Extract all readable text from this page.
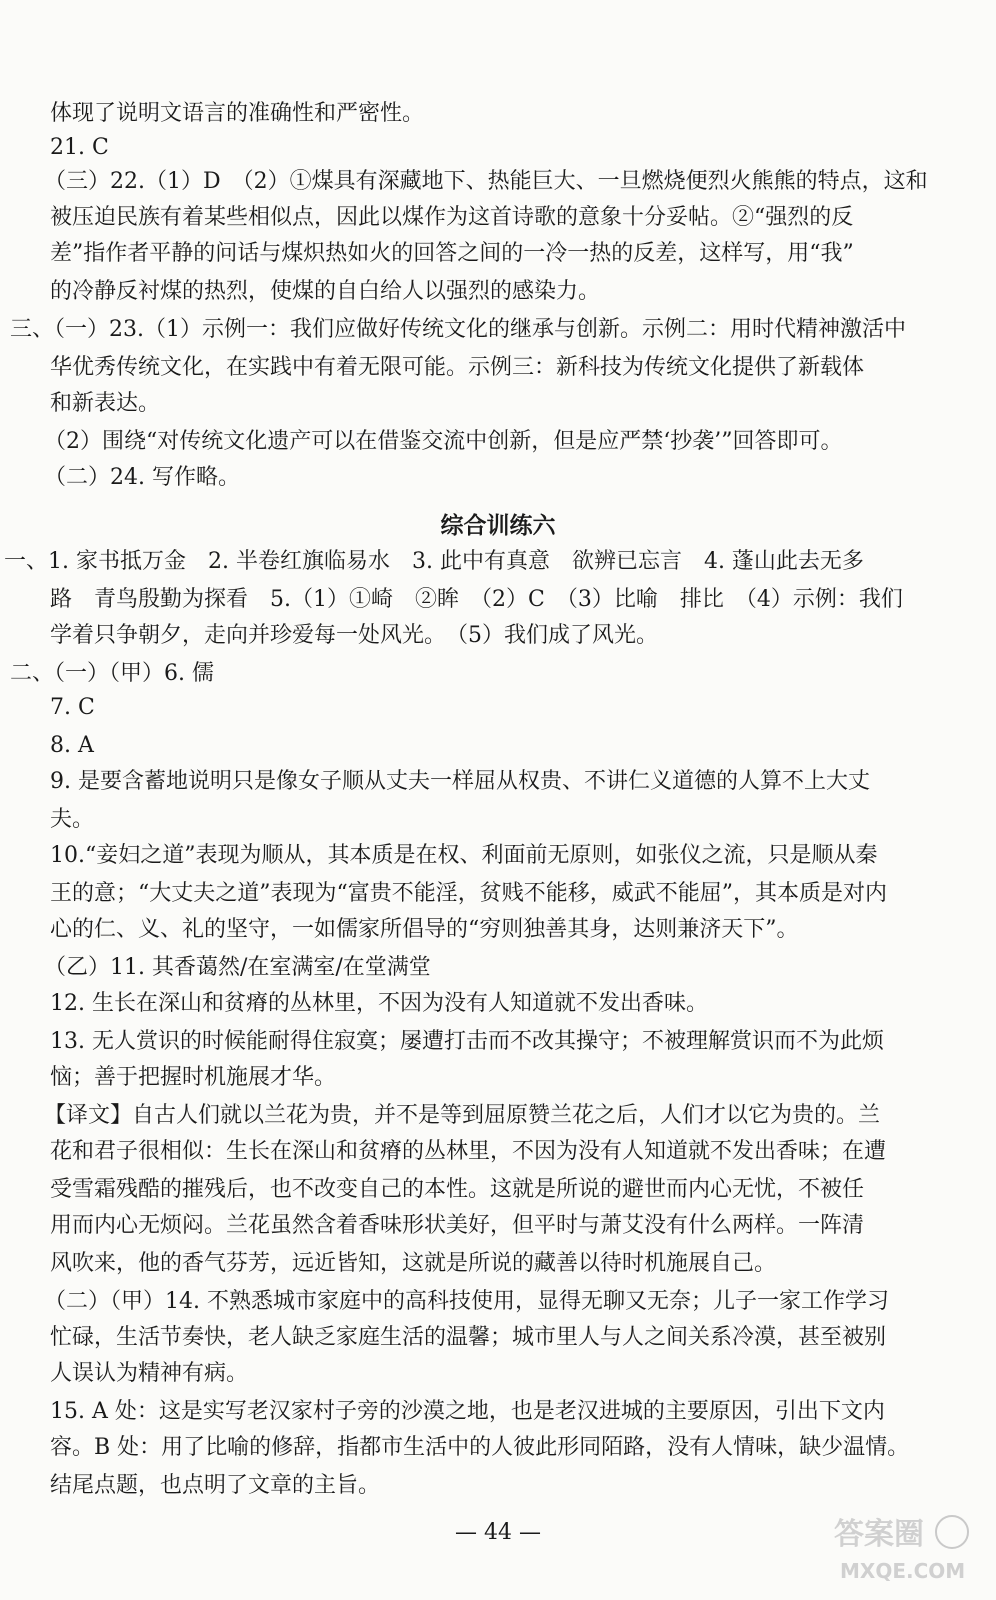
体现了说明文语言的准确性和严密性。
21. C
（三）22.（1）D　（2）①煤具有深藏地下、热能巨大、一旦燃烧便烈火熊熊的特点，这和
被压迫民族有着某些相似点，因此以煤作为这首诗歌的意象十分妥帖。②“强烈的反
差”指作者平静的问话与煤炽热如火的回答之间的一冷一热的反差，这样写，用“我”
的冷静反衬煤的热烈，使煤的自白给人以强烈的感染力。
三、（一）23.（1）示例一：我们应做好传统文化的继承与创新。示例二：用时代精神激活中
华优秀传统文化，在实践中有着无限可能。示例三：新科技为传统文化提供了新载体
和新表达。
（2）围绕“对传统文化遗产可以在借鉴交流中创新，但是应严禁‘抄袭’”回答即可。
（二）24. 写作略。
综合训练六
一、1. 家书抵万金　2. 半卷红旗临易水　3. 此中有真意　欲辨已忘言　4. 蓬山此去无多
路　青鸟殷勤为探看　5.（1）①崎　②眸　（2）C　（3）比喻　排比　（4）示例：我们
学着只争朝夕，走向并珍爱每一处风光。　（5）我们成了风光。
二、（一）（甲）6. 儒
7. C
8. A
9. 是要含蓄地说明只是像女子顺从丈夫一样屈从权贵、不讲仁义道德的人算不上大丈
夫。
10.“妾妇之道”表现为顺从，其本质是在权、利面前无原则，如张仪之流，只是顺从秦
王的意；“大丈夫之道”表现为“富贵不能淫，贫贱不能移，威武不能屈”，其本质是对内
心的仁、义、礼的坚守，一如儒家所倡导的“穷则独善其身，达则兼济天下”。
（乙）11. 其香蔼然/在室满室/在堂满堂
12. 生长在深山和贫瘠的丛林里，不因为没有人知道就不发出香味。
13. 无人赏识的时候能耐得住寂寞；屡遭打击而不改其操守；不被理解赏识而不为此烦
恼；善于把握时机施展才华。
【译文】自古人们就以兰花为贵，并不是等到屈原赞兰花之后，人们才以它为贵的。兰
花和君子很相似：生长在深山和贫瘠的丛林里，不因为没有人知道就不发出香味；在遭
受雪霜残酷的摧残后，也不改变自己的本性。这就是所说的避世而内心无忧，不被任
用而内心无烦闷。兰花虽然含着香味形状美好，但平时与萧艾没有什么两样。一阵清
风吹来，他的香气芬芳，远近皆知，这就是所说的藏善以待时机施展自己。
（二）（甲）14. 不熟悉城市家庭中的高科技使用，显得无聊又无奈；儿子一家工作学习
忙碌，生活节奏快，老人缺乏家庭生活的温馨；城市里人与人之间关系冷漠，甚至被别
人误认为精神有病。
15. A 处：这是实写老汉家村子旁的沙漠之地，也是老汉进城的主要原因，引出下文内
容。B 处：用了比喻的修辞，指都市生活中的人彼此形同陌路，没有人情味，缺少温情。
结尾点题，也点明了文章的主旨。
— 44 —	答案圈
MXQE.COM
